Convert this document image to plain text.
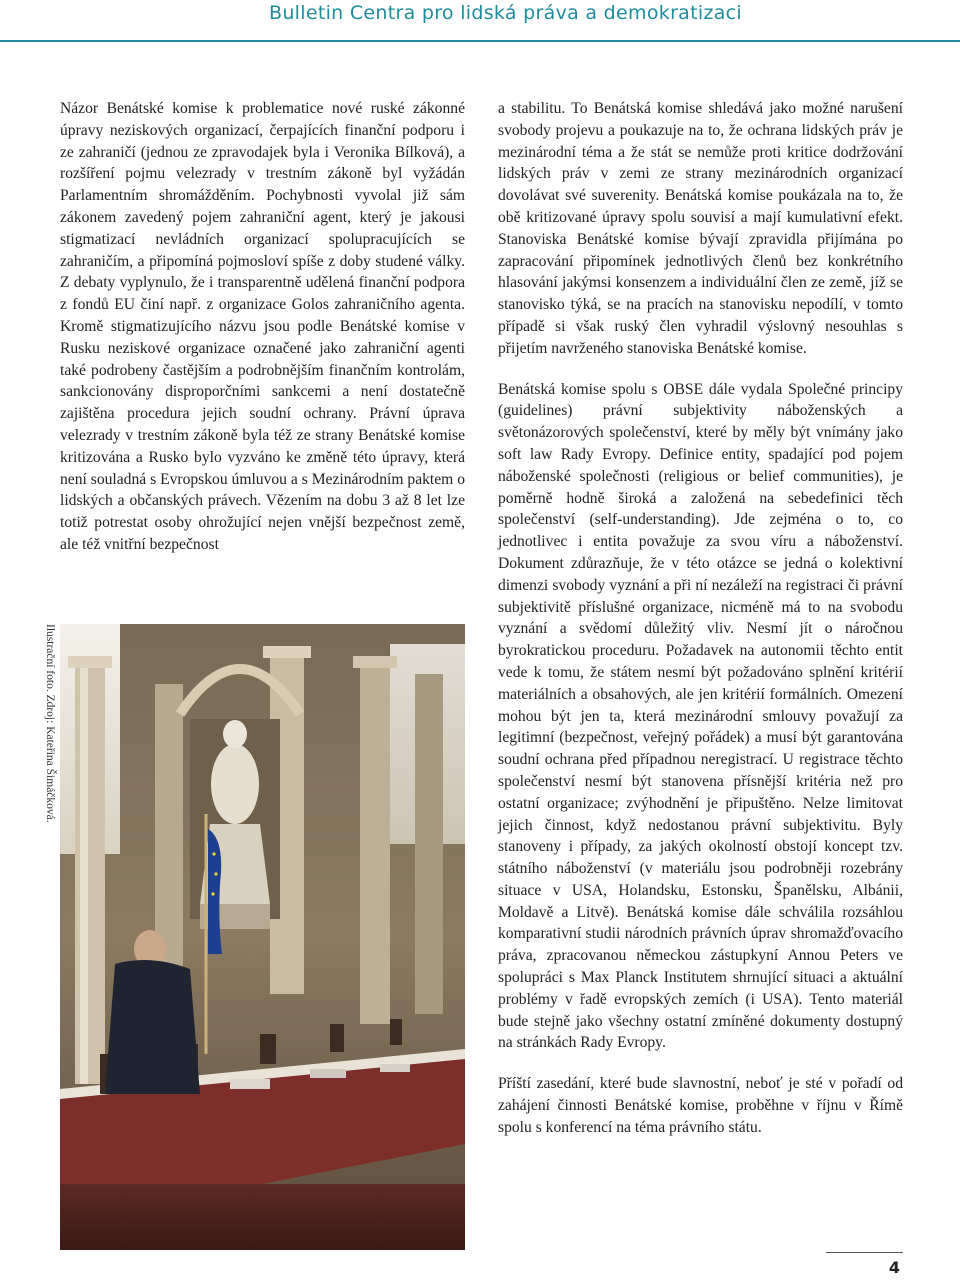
Bulletin Centra pro lidská práva a demokratizaci

Názor Benátské komise k problematice nové ruské zákonné úpravy neziskových organizací, čerpajících finanční podporu i ze zahraničí (jednou ze zpravodajek byla i Veronika Bílková), a rozšíření pojmu velezrady v trestním zákoně byl vyžádán Parlamentním shromážděním. Pochybnosti vyvolal již sám zákonem zavedený pojem zahraniční agent, který je jakousi stigmatizací nevládních organizací spolupracujících se zahraničím, a připomíná pojmosloví spíše z doby studené války. Z debaty vyplynulo, že i transparentně udělená finanční podpora z fondů EU činí např. z organizace Golos zahraničního agenta. Kromě stigmatizujícího názvu jsou podle Benátské komise v Rusku neziskové organizace označené jako zahraniční agenti také podrobeny častějším a podrobnějším finančním kontrolám, sankcionovány disproporčními sankcemi a není dostatečně zajištěna procedura jejich soudní ochrany. Právní úprava velezrady v trestním zákoně byla též ze strany Benátské komise kritizována a Rusko bylo vyzváno ke změně této úpravy, která není souladná s Evropskou úmluvou a s Mezinárodním paktem o lidských a občanských právech. Vězením na dobu 3 až 8 let lze totiž potrestat osoby ohrožující nejen vnější bezpečnost země, ale též vnitřní bezpečnost

Ilustrační foto. Zdroj: Kateřina Šimáčková.

a stabilitu. To Benátská komise shledává jako možné narušení svobody projevu a poukazuje na to, že ochrana lidských práv je mezinárodní téma a že stát se nemůže proti kritice dodržování lidských práv v zemi ze strany mezinárodních organizací dovolávat své suverenity. Benátská komise poukázala na to, že obě kritizované úpravy spolu souvisí a mají kumulativní efekt. Stanoviska Benátské komise bývají zpravidla přijímána po zapracování připomínek jednotlivých členů bez konkrétního hlasování jakýmsi konsenzem a individuální člen ze země, jíž se stanovisko týká, se na pracích na stanovisku nepodílí, v tomto případě si však ruský člen vyhradil výslovný nesouhlas s přijetím navrženého stanoviska Benátské komise.

Benátská komise spolu s OBSE dále vydala Společné principy (guidelines) právní subjektivity náboženských a světonázorových společenství, které by měly být vnímány jako soft law Rady Evropy. Definice entity, spadající pod pojem náboženské společnosti (religious or belief communities), je poměrně hodně široká a založená na sebedefinici těch společenství (self-understanding). Jde zejména o to, co jednotlivec i entita považuje za svou víru a náboženství. Dokument zdůrazňuje, že v této otázce se jedná o kolektivní dimenzi svobody vyznání a při ní nezáleží na registraci či právní subjektivitě příslušné organizace, nicméně má to na svobodu vyznání a svědomí důležitý vliv. Nesmí jít o náročnou byrokratickou proceduru. Požadavek na autonomii těchto entit vede k tomu, že státem nesmí být požadováno splnění kritérií materiálních a obsahových, ale jen kritérií formálních. Omezení mohou být jen ta, která mezinárodní smlouvy považují za legitimní (bezpečnost, veřejný pořádek) a musí být garantována soudní ochrana před případnou neregistrací. U registrace těchto společenství nesmí být stanovena přísnější kritéria než pro ostatní organizace; zvýhodnění je připuštěno. Nelze limitovat jejich činnost, když nedostanou právní subjektivitu. Byly stanoveny i případy, za jakých okolností obstojí koncept tzv. státního náboženství (v materiálu jsou podrobněji rozebrány situace v USA, Holandsku, Estonsku, Španělsku, Albánii, Moldavě a Litvě). Benátská komise dále schválila rozsáhlou komparativní studii národních právních úprav shromažďovacího práva, zpracovanou německou zástupkyní Annou Peters ve spolupráci s Max Planck Institutem shrnující situaci a aktuální problémy v řadě evropských zemích (i USA). Tento materiál bude stejně jako všechny ostatní zmíněné dokumenty dostupný na stránkách Rady Evropy.

Příští zasedání, které bude slavnostní, neboť je sté v pořadí od zahájení činnosti Benátské komise, proběhne v říjnu v Římě spolu s konferencí na téma právního státu.

4
